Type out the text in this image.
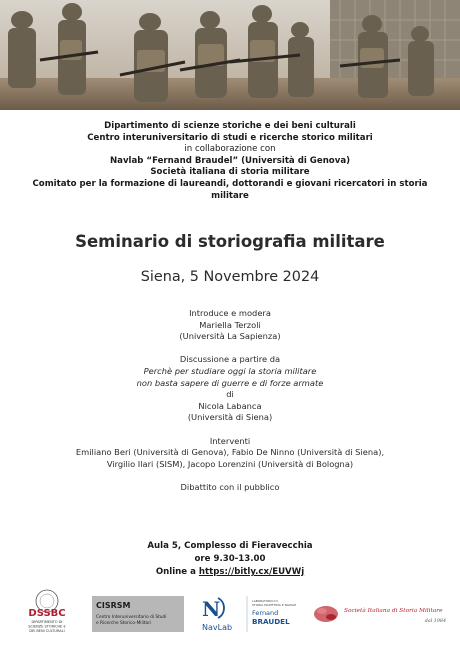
Dipartimento di scienze storiche e dei beni culturali
Centro interuniversitario di studi e ricerche storico militari
in collaborazione con
Navlab “Fernand Braudel” (Università di Genova)
Società italiana di storia militare
Comitato per la formazione di laureandi, dottorandi e giovani ricercatori in storia militare
Seminario di storiografia militare
Siena, 5 Novembre 2024
Introduce e modera
Mariella Terzoli
(Università La Sapienza)
Discussione a partire da
Perchè per studiare oggi la storia militare
non basta sapere di guerre e di forze armate
di
Nicola Labanca
(Università di Siena)
Interventi
Emiliano Beri (Università di Genova), Fabio De Ninno (Università di Siena),
Virgilio Ilari (SISM), Jacopo Lorenzini (Università di Bologna)
Dibattito con il pubblico
Aula 5, Complesso di Fieravecchia
ore 9.30-13.00
Online a https://bitly.cx/EUVWj
DSSBC
DIPARTIMENTO DI
SCIENZE STORICHE E
DEI BENI CULTURALI
CISRSM
Centro Interuniversitario di Studi
e Ricerche Storico-Militari
N
NavLab
LABORATORIO DI
STORIA MARITTIMA E NAVALE
Fernand
BRAUDEL
Società Italiana di Storia Militare
dal 1984
